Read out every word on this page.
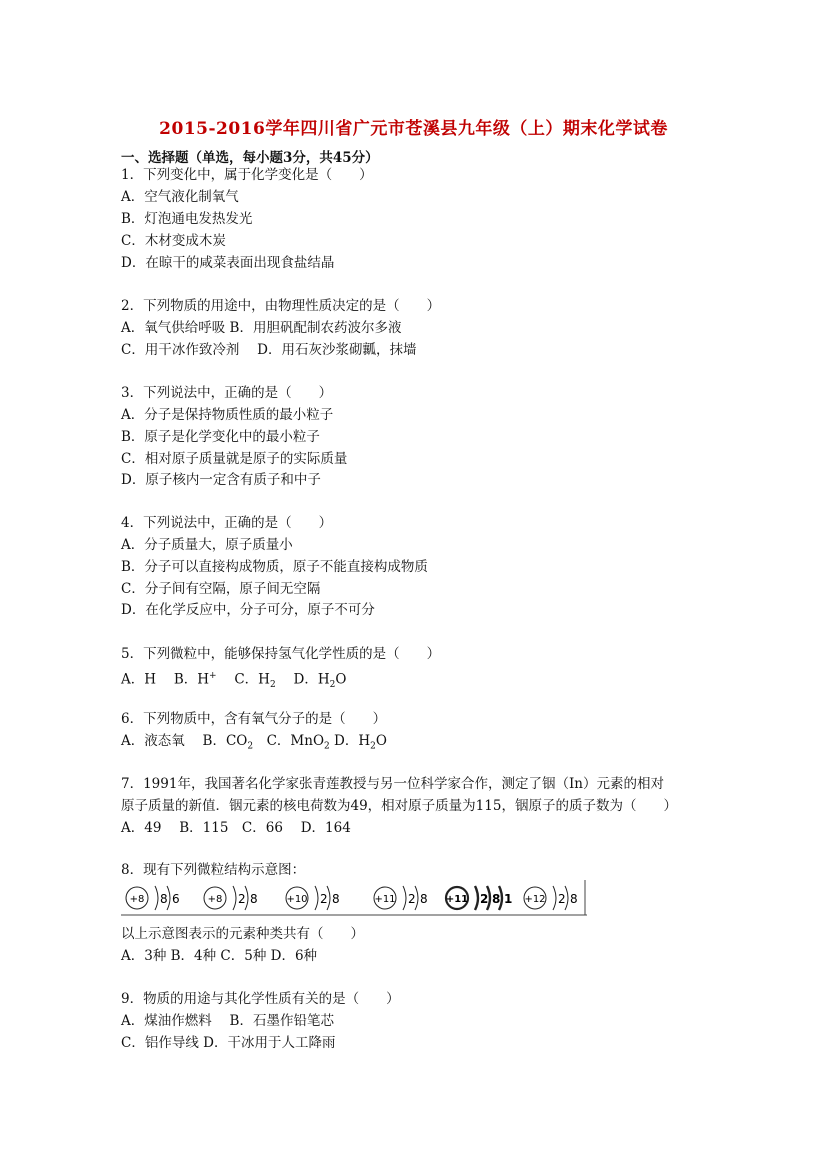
2015-2016学年四川省广元市苍溪县九年级（上）期末化学试卷
一、选择题（单选，每小题3分，共45分）
1．下列变化中，属于化学变化是（　　）
A．空气液化制氧气
B．灯泡通电发热发光
C．木材变成木炭
D．在晾干的咸菜表面出现食盐结晶
2．下列物质的用途中，由物理性质决定的是（　　）
A．氧气供给呼吸 B．用胆矾配制农药波尔多液
C．用干冰作致冷剂　 D．用石灰沙浆砌瓤，抹墙
3．下列说法中，正确的是（　　）
A．分子是保持物质性质的最小粒子
B．原子是化学变化中的最小粒子
C．相对原子质量就是原子的实际质量
D．原子核内一定含有质子和中子
4．下列说法中，正确的是（　　）
A．分子质量大，原子质量小
B．分子可以直接构成物质，原子不能直接构成物质
C．分子间有空隔，原子间无空隔
D．在化学反应中，分子可分，原子不可分
5．下列微粒中，能够保持氢气化学性质的是（　　）
A．H　 B．H+　 C．$H_2$　 D．$H_2O$
6．下列物质中，含有氧气分子的是（　　）
A．液态氧　 B．$CO_2$　C．MnO$_2$ D．$H_2O$
7．1991年，我国著名化学家张青莲教授与另一位科学家合作，测定了铟（In）元素的相对
原子质量的新值．铟元素的核电荷数为49，相对原子质量为115，铟原子的质子数为（　　）
A．49　 B．115　C．66　 D．164
8．现有下列微粒结构示意图：
+8 8 6	+8 2 8	+10 2 8	+11 2 8 +11 2 8 1 +12 2 8
以上示意图表示的元素种类共有（　　）
A．3种 B．4种 C．5种 D．6种
9．物质的用途与其化学性质有关的是（　　）
A．煤油作燃料　 B．石墨作铅笔芯
C．铝作导线 D．干冰用于人工降雨
